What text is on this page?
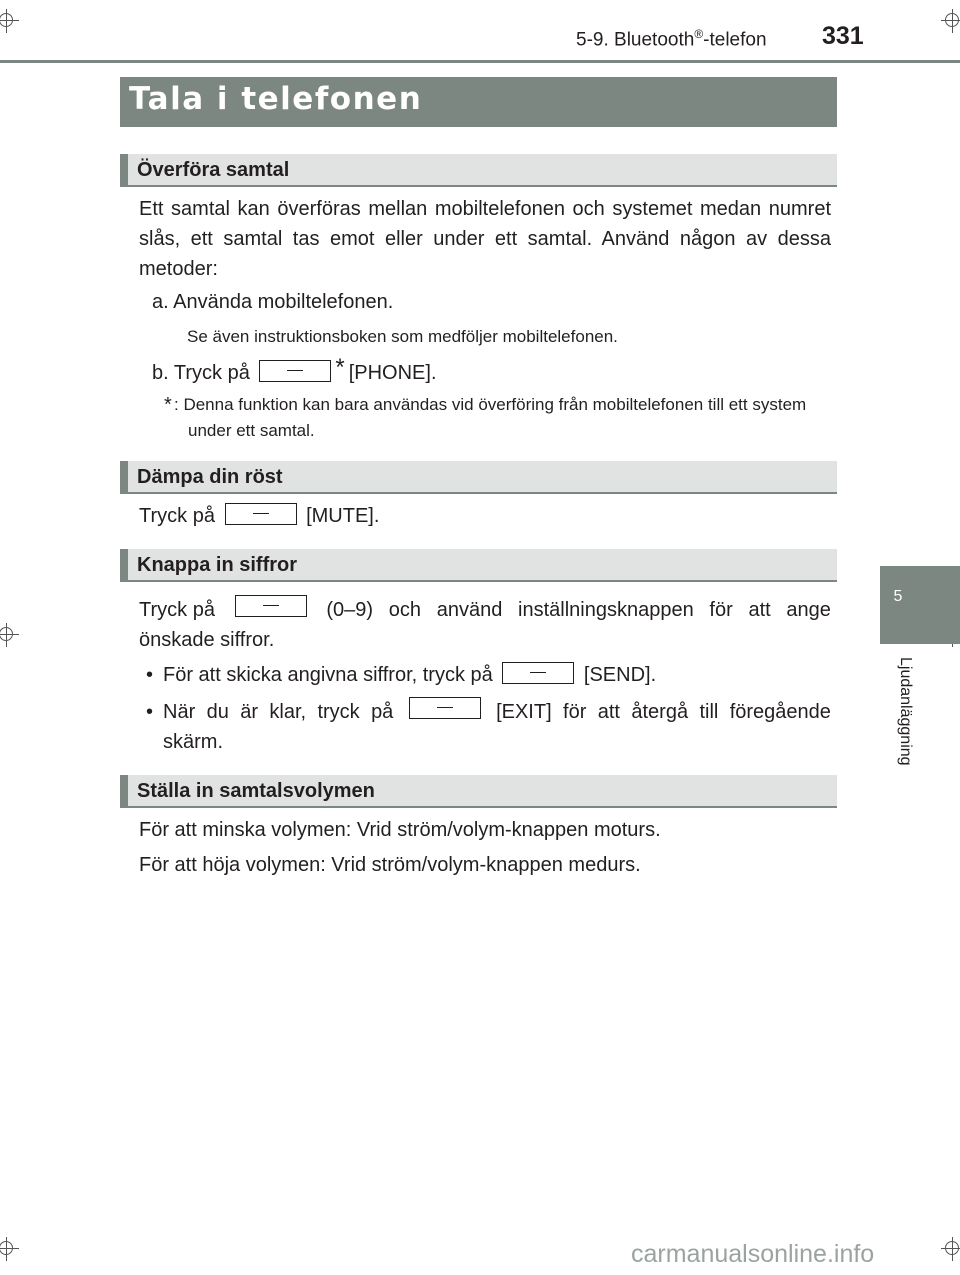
5-9. Bluetooth®-telefon 331
Tala i telefonen
5
Ljudanläggning
Överföra samtal
Ett samtal kan överföras mellan mobiltelefonen och systemet medan numret slås, ett samtal tas emot eller under ett samtal. Använd någon av dessa metoder:
a. Använda mobiltelefonen.
Se även instruktionsboken som medföljer mobiltelefonen.
b. Tryck på	* [PHONE].
* : Denna funktion kan bara användas vid överföring från mobiltelefonen till ett system under ett samtal.
Dämpa din röst
Tryck på	[MUTE].
Knappa in siffror
Tryck på	(0–9) och använd inställningsknappen för att ange
önskade siffror.
• För att skicka angivna siffror, tryck på	[SEND].
• När du är klar, tryck på	[EXIT] för att återgå till föregående
skärm.
Ställa in samtalsvolymen
För att minska volymen: Vrid ström/volym-knappen moturs.
För att höja volymen: Vrid ström/volym-knappen medurs.
carmanualsonline.info
